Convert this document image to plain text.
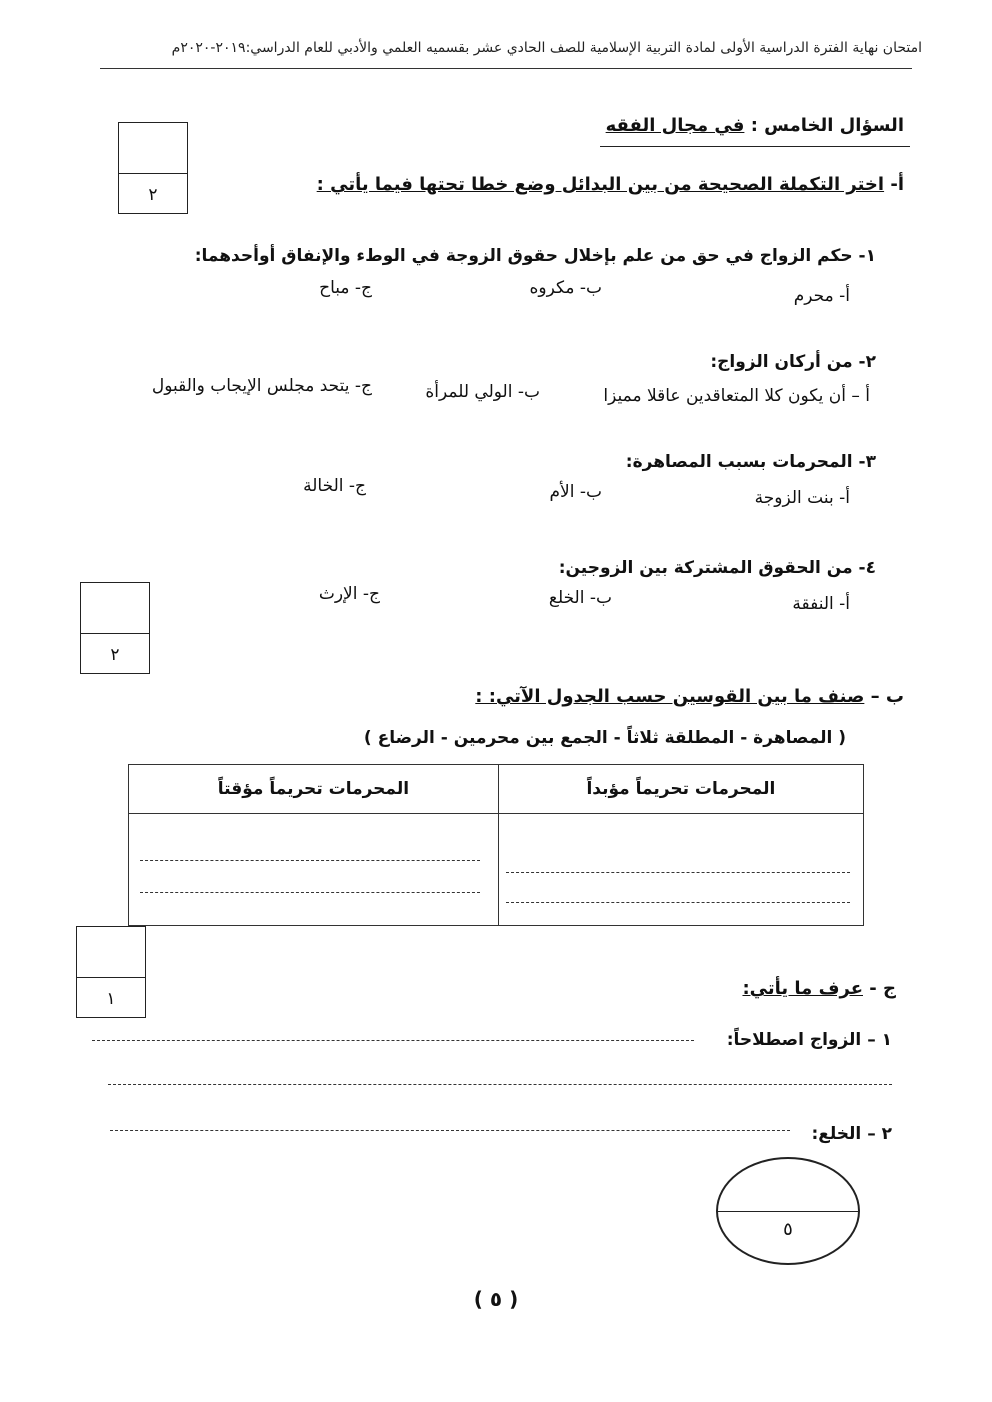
امتحان نهاية الفترة الدراسية الأولى لمادة التربية الإسلامية للصف الحادي عشر بقسميه العلمي والأدبي للعام الدراسي:٢٠١٩-٢٠٢٠م
السؤال الخامس : في مجال الفقه
٢	أ- اختر التكملة الصحيحة من بين البدائل وضع خطا تحتها فيما يأتي :
١- حكم الزواج في حق من علم بإخلال حقوق الزوجة في الوطء والإنفاق أوأحدهما:
أ- محرم
ب- مكروه
ج- مباح
٢- من أركان الزواج:
أ – أن يكون كلا المتعاقدين عاقلا مميزا
ب- الولي للمرأة
ج- يتحد مجلس الإيجاب والقبول
٣- المحرمات بسبب المصاهرة:
أ- بنت الزوجة
ب- الأم
ج- الخالة
٤- من الحقوق المشتركة بين الزوجين:
أ- النفقة
ب- الخلع
ج- الإرث
٢
ب – صنف ما بين القوسين حسب الجدول الآتي: :
( المصاهرة - المطلقة ثلاثاً - الجمع بين محرمين - الرضاع )
المحرمات تحريماً مؤبداً	المحرمات تحريماً مؤقتاً

١	ج - عرف ما يأتي:
١ – الزواج اصطلاحاً:
٢ – الخلع:
٥
( ٥ )
